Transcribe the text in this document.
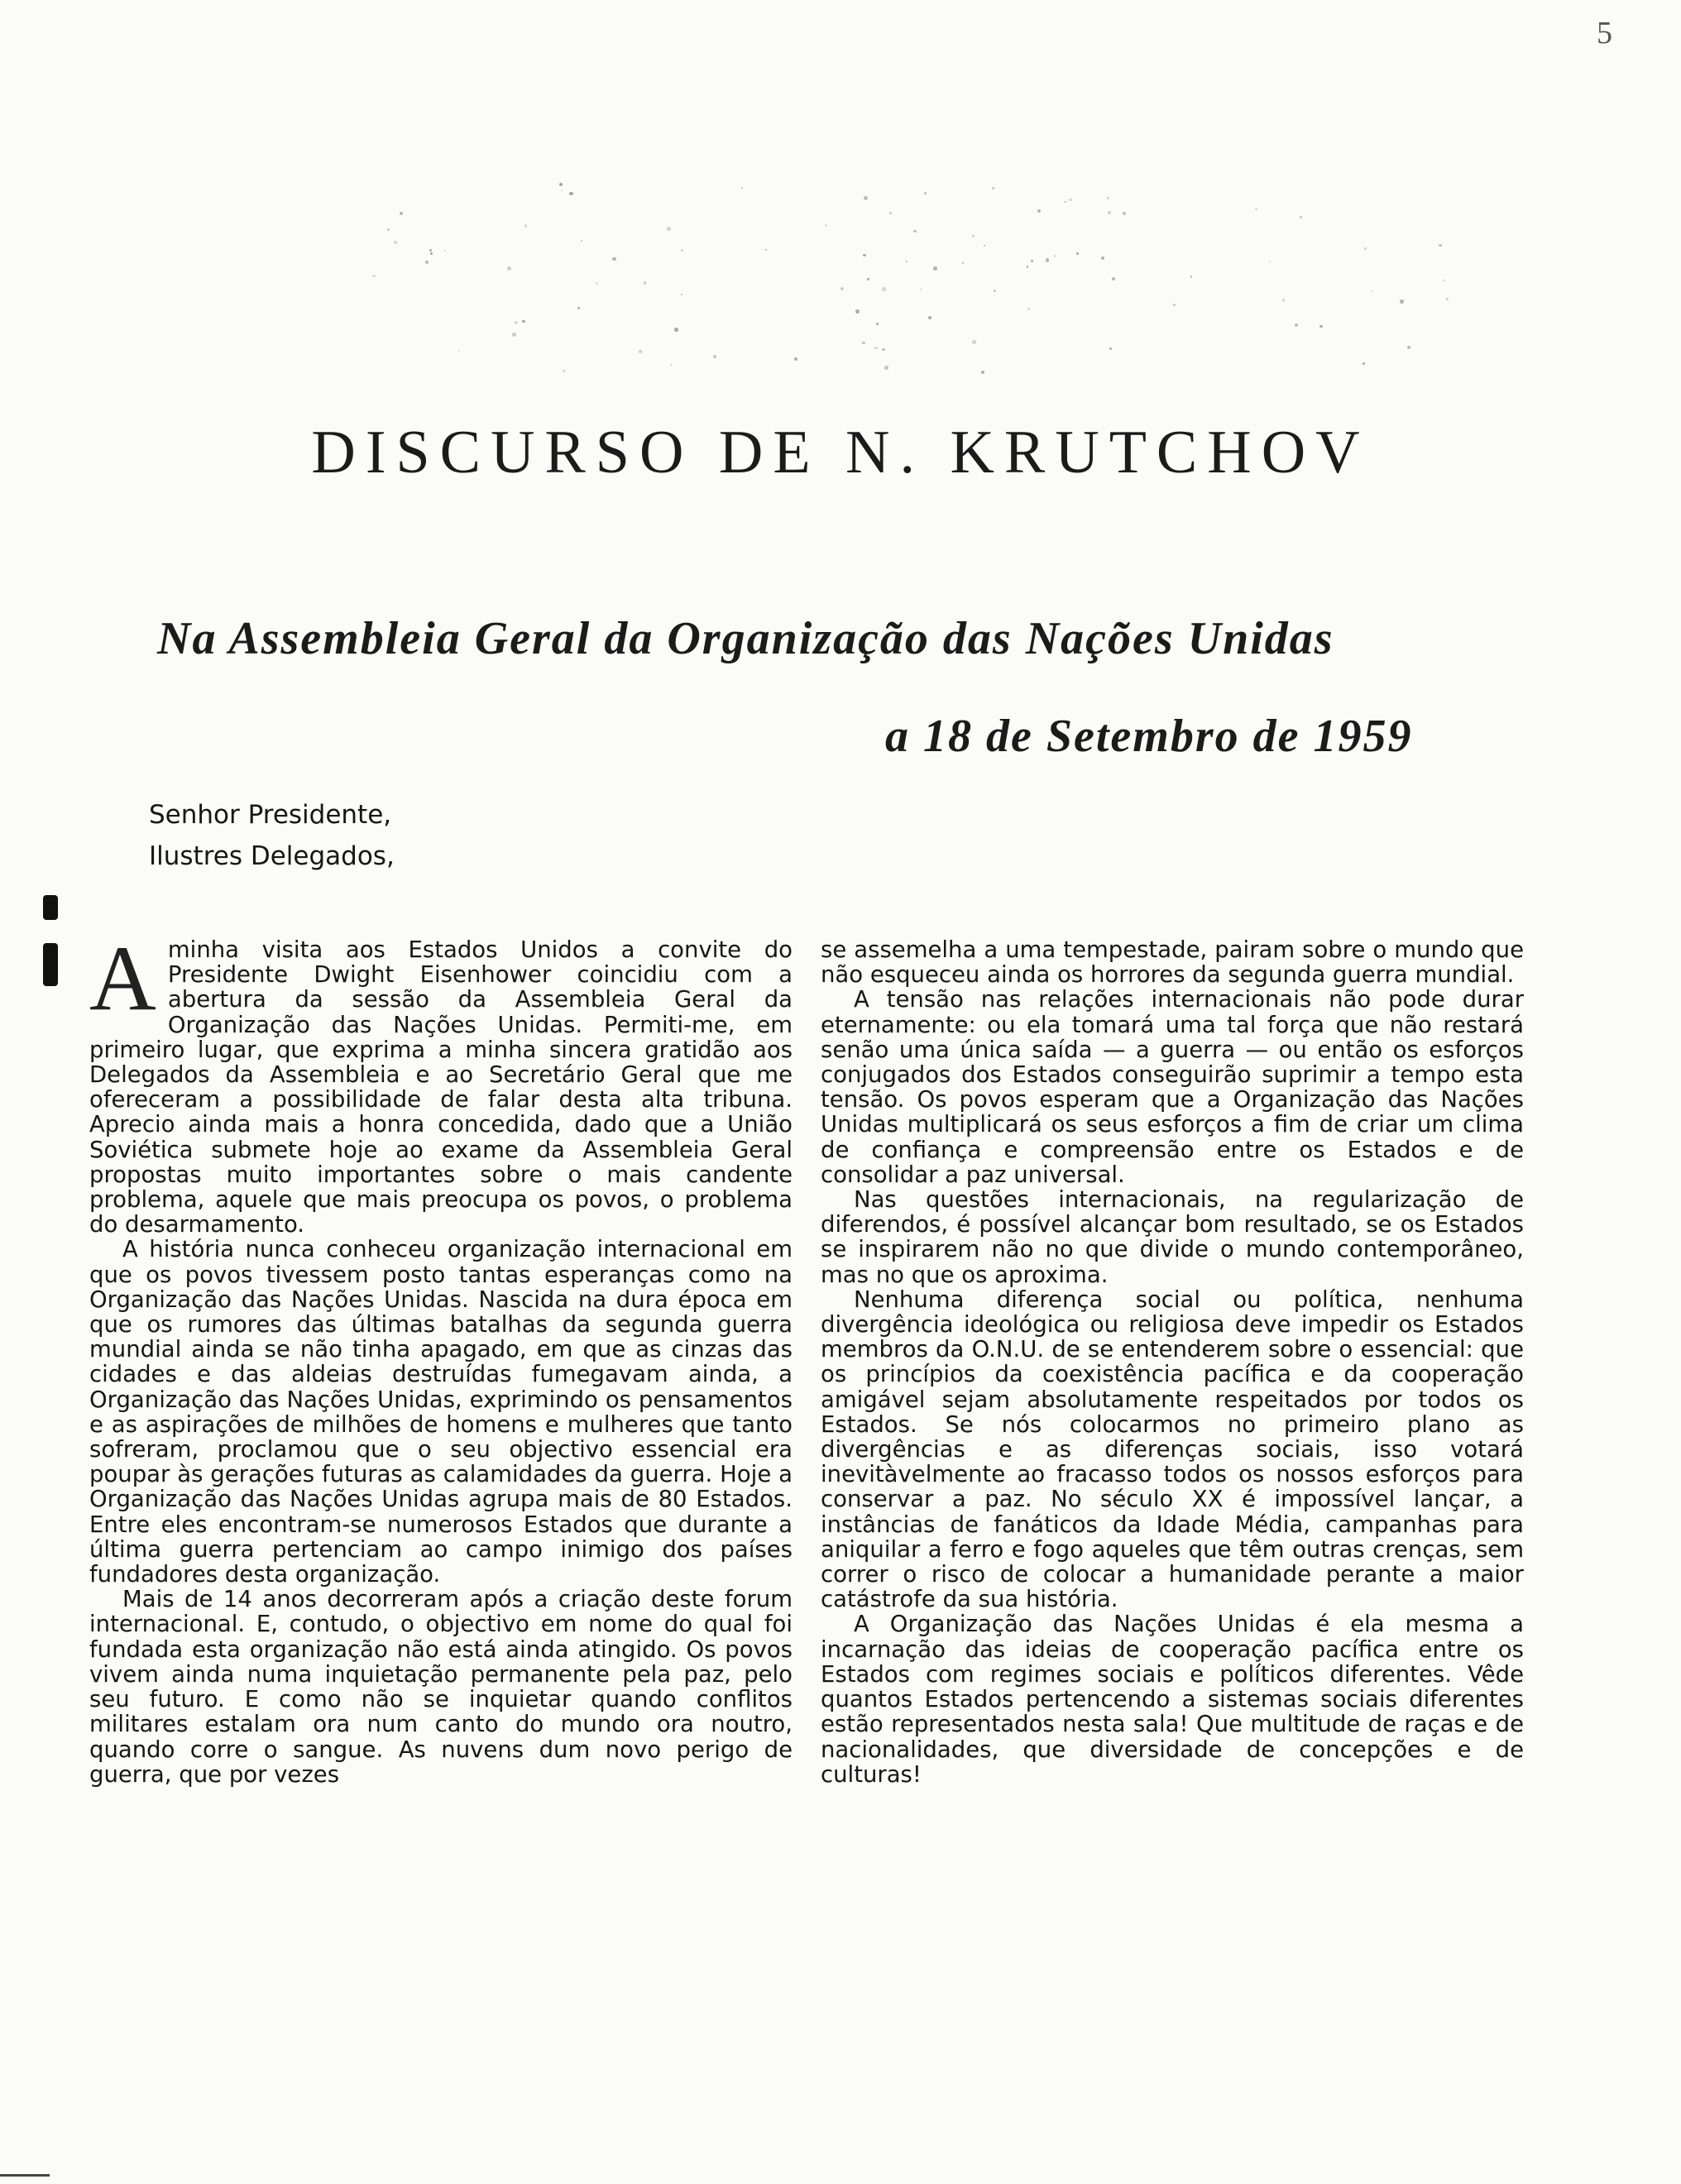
5
DISCURSO DE N. KRUTCHOV
Na Assembleia Geral da Organização das Nações Unidas
a 18 de Setembro de 1959
Senhor Presidente,
Ilustres Delegados,

A minha visita aos Estados Unidos a convite do Presidente Dwight Eisenhower coincidiu com a abertura da sessão da Assembleia Geral da Organização das Nações Unidas. Permiti-me, em primeiro lugar, que exprima a minha sincera gratidão aos Delegados da Assembleia e ao Secretário Geral que me ofereceram a possibilidade de falar desta alta tribuna. Aprecio ainda mais a honra concedida, dado que a União Soviética submete hoje ao exame da Assembleia Geral propostas muito importantes sobre o mais candente problema, aquele que mais preocupa os povos, o problema do desarmamento.

A história nunca conheceu organização internacional em que os povos tivessem posto tantas esperanças como na Organização das Nações Unidas. Nascida na dura época em que os rumores das últimas batalhas da segunda guerra mundial ainda se não tinha apagado, em que as cinzas das cidades e das aldeias destruídas fumegavam ainda, a Organização das Nações Unidas, exprimindo os pensamentos e as aspirações de milhões de homens e mulheres que tanto sofreram, proclamou que o seu objectivo essencial era poupar às gerações futuras as calamidades da guerra. Hoje a Organização das Nações Unidas agrupa mais de 80 Estados. Entre eles encontram-se numerosos Estados que durante a última guerra pertenciam ao campo inimigo dos países fundadores desta organização.

Mais de 14 anos decorreram após a criação deste forum internacional. E, contudo, o objectivo em nome do qual foi fundada esta organização não está ainda atingido. Os povos vivem ainda numa inquietação permanente pela paz, pelo seu futuro. E como não se inquietar quando conflitos militares estalam ora num canto do mundo ora noutro, quando corre o sangue. As nuvens dum novo perigo de guerra, que por vezes

se assemelha a uma tempestade, pairam sobre o mundo que não esqueceu ainda os horrores da segunda guerra mundial.

A tensão nas relações internacionais não pode durar eternamente: ou ela tomará uma tal força que não restará senão uma única saída — a guerra — ou então os esforços conjugados dos Estados conseguirão suprimir a tempo esta tensão. Os povos esperam que a Organização das Nações Unidas multiplicará os seus esforços a fim de criar um clima de confiança e compreensão entre os Estados e de consolidar a paz universal.

Nas questões internacionais, na regularização de diferendos, é possível alcançar bom resultado, se os Estados se inspirarem não no que divide o mundo contemporâneo, mas no que os aproxima.

Nenhuma diferença social ou política, nenhuma divergência ideológica ou religiosa deve impedir os Estados membros da O.N.U. de se entenderem sobre o essencial: que os princípios da coexistência pacífica e da cooperação amigável sejam absolutamente respeitados por todos os Estados. Se nós colocarmos no primeiro plano as divergências e as diferenças sociais, isso votará inevitàvelmente ao fracasso todos os nossos esforços para conservar a paz. No século XX é impossível lançar, a instâncias de fanáticos da Idade Média, campanhas para aniquilar a ferro e fogo aqueles que têm outras crenças, sem correr o risco de colocar a humanidade perante a maior catástrofe da sua história.

A Organização das Nações Unidas é ela mesma a incarnação das ideias de cooperação pacífica entre os Estados com regimes sociais e políticos diferentes. Vêde quantos Estados pertencendo a sistemas sociais diferentes estão representados nesta sala! Que multitude de raças e de nacionalidades, que diversidade de concepções e de culturas!
